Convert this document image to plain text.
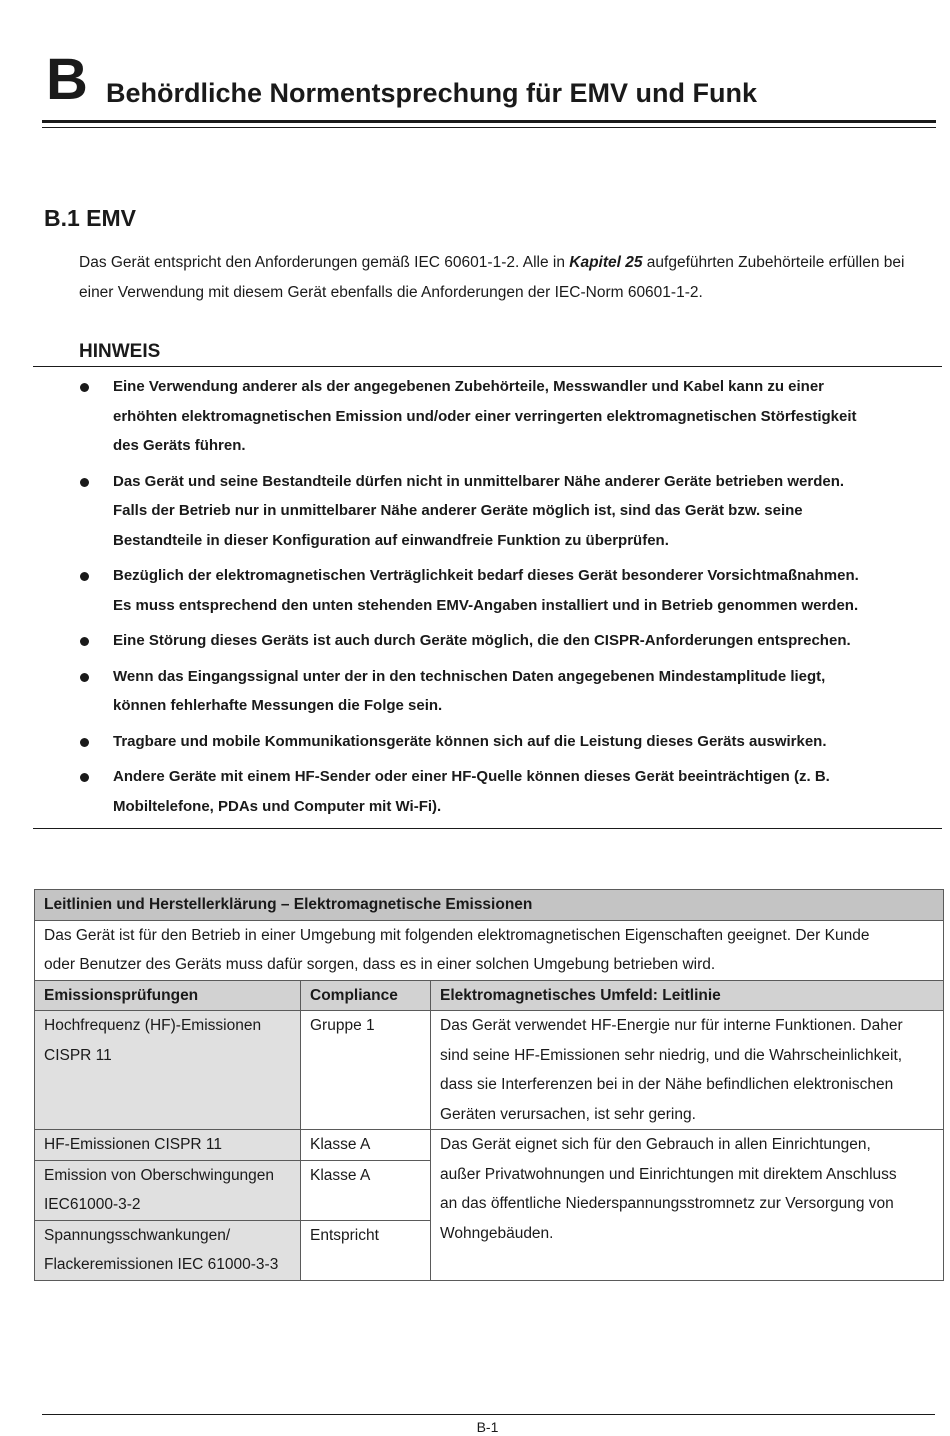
B Behördliche Normentsprechung für EMV und Funk
B.1 EMV
Das Gerät entspricht den Anforderungen gemäß IEC 60601-1-2. Alle in Kapitel 25 aufgeführten Zubehörteile erfüllen bei
einer Verwendung mit diesem Gerät ebenfalls die Anforderungen der IEC-Norm 60601-1-2.
HINWEIS
Eine Verwendung anderer als der angegebenen Zubehörteile, Messwandler und Kabel kann zu einer
erhöhten elektromagnetischen Emission und/oder einer verringerten elektromagnetischen Störfestigkeit
des Geräts führen.
Das Gerät und seine Bestandteile dürfen nicht in unmittelbarer Nähe anderer Geräte betrieben werden.
Falls der Betrieb nur in unmittelbarer Nähe anderer Geräte möglich ist, sind das Gerät bzw. seine
Bestandteile in dieser Konfiguration auf einwandfreie Funktion zu überprüfen.
Bezüglich der elektromagnetischen Verträglichkeit bedarf dieses Gerät besonderer Vorsichtmaßnahmen.
Es muss entsprechend den unten stehenden EMV-Angaben installiert und in Betrieb genommen werden.
Eine Störung dieses Geräts ist auch durch Geräte möglich, die den CISPR-Anforderungen entsprechen.
Wenn das Eingangssignal unter der in den technischen Daten angegebenen Mindestamplitude liegt,
können fehlerhafte Messungen die Folge sein.
Tragbare und mobile Kommunikationsgeräte können sich auf die Leistung dieses Geräts auswirken.
Andere Geräte mit einem HF-Sender oder einer HF-Quelle können dieses Gerät beeinträchtigen (z. B.
Mobiltelefone, PDAs und Computer mit Wi-Fi).
Leitlinien und Herstellerklärung – Elektromagnetische Emissionen		

Das Gerät ist für den Betrieb in einer Umgebung mit folgenden elektromagnetischen Eigenschaften geeignet. Der Kunde
oder Benutzer des Geräts muss dafür sorgen, dass es in einer solchen Umgebung betrieben wird.		

Emissionsprüfungen	Compliance	Elektromagnetisches Umfeld: Leitlinie

Hochfrequenz (HF)-Emissionen
CISPR 11	Gruppe 1	Das Gerät verwendet HF-Energie nur für interne Funktionen. Daher
sind seine HF-Emissionen sehr niedrig, und die Wahrscheinlichkeit,
dass sie Interferenzen bei in der Nähe befindlichen elektronischen
Geräten verursachen, ist sehr gering.

HF-Emissionen CISPR 11	Klasse A	Das Gerät eignet sich für den Gebrauch in allen Einrichtungen,
außer Privatwohnungen und Einrichtungen mit direktem Anschluss
an das öffentliche Niederspannungsstromnetz zur Versorgung von
Wohngebäuden.

Emission von Oberschwingungen
IEC61000-3-2	Klasse A	

Spannungsschwankungen/
Flackeremissionen IEC 61000-3-3	Entspricht	
B-1
